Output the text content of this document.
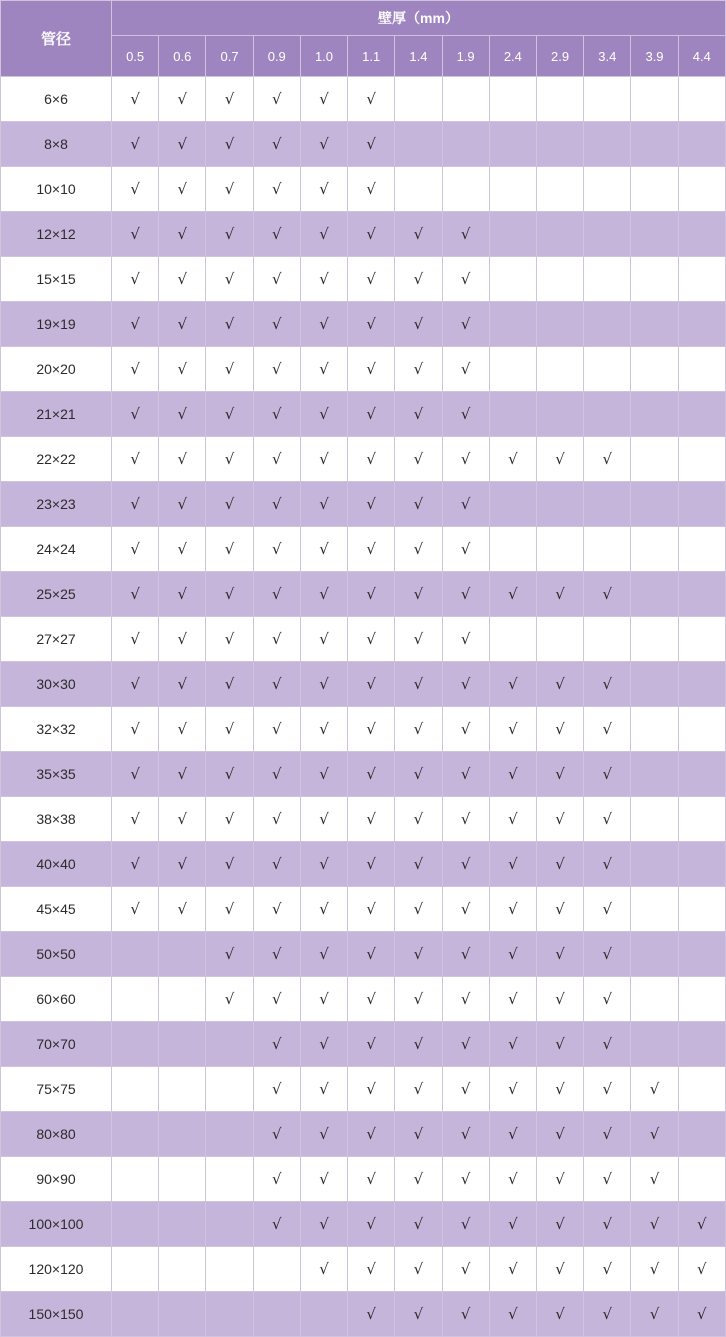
管径	壁厚（mm）												
	0.5	0.6	0.7	0.9	1.0	1.1	1.4	1.9	2.4	2.9	3.4	3.9	4.4
6×6	√	√	√	√	√	√							
8×8	√	√	√	√	√	√							
10×10	√	√	√	√	√	√							
12×12	√	√	√	√	√	√	√	√					
15×15	√	√	√	√	√	√	√	√					
19×19	√	√	√	√	√	√	√	√					
20×20	√	√	√	√	√	√	√	√					
21×21	√	√	√	√	√	√	√	√					
22×22	√	√	√	√	√	√	√	√	√	√	√		
23×23	√	√	√	√	√	√	√	√					
24×24	√	√	√	√	√	√	√	√					
25×25	√	√	√	√	√	√	√	√	√	√	√		
27×27	√	√	√	√	√	√	√	√					
30×30	√	√	√	√	√	√	√	√	√	√	√		
32×32	√	√	√	√	√	√	√	√	√	√	√		
35×35	√	√	√	√	√	√	√	√	√	√	√		
38×38	√	√	√	√	√	√	√	√	√	√	√		
40×40	√	√	√	√	√	√	√	√	√	√	√		
45×45	√	√	√	√	√	√	√	√	√	√	√		
50×50			√	√	√	√	√	√	√	√	√		
60×60			√	√	√	√	√	√	√	√	√		
70×70				√	√	√	√	√	√	√	√		
75×75				√	√	√	√	√	√	√	√	√	
80×80				√	√	√	√	√	√	√	√	√	
90×90				√	√	√	√	√	√	√	√	√	
100×100				√	√	√	√	√	√	√	√	√	√
120×120					√	√	√	√	√	√	√	√	√
150×150						√	√	√	√	√	√	√	√
